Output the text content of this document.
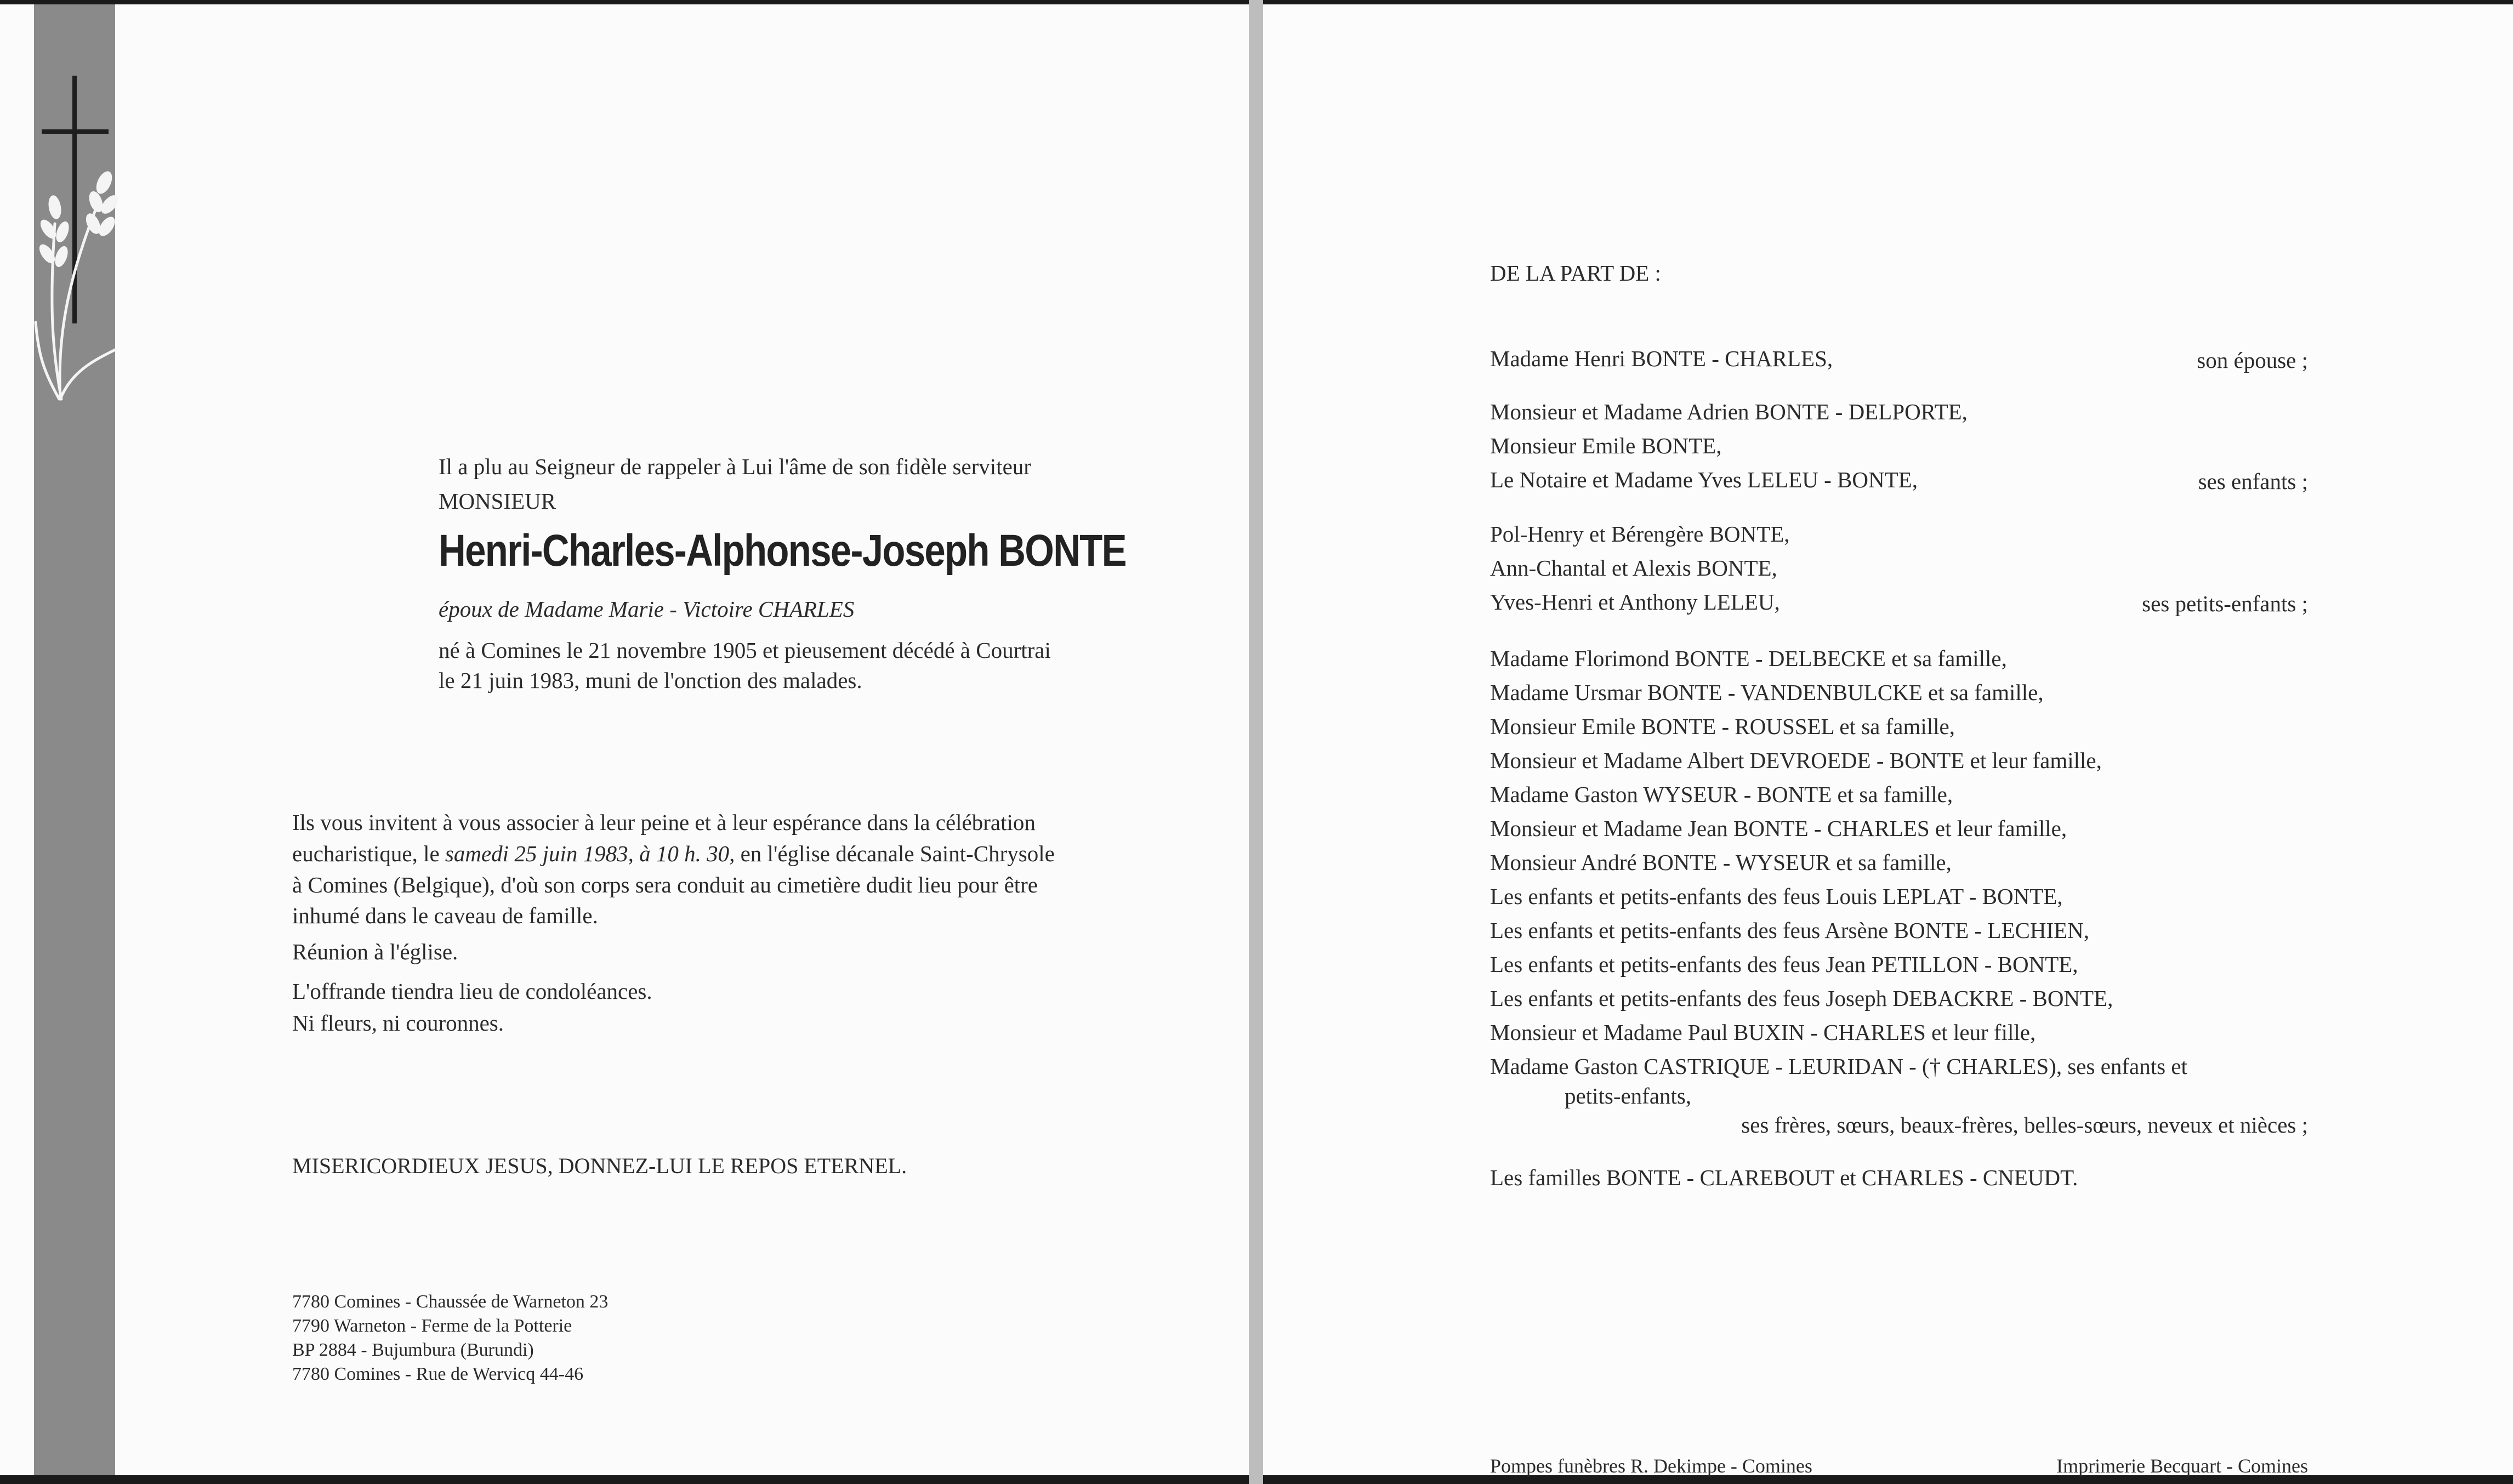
Il a plu au Seigneur de rappeler à Lui l'âme de son fidèle serviteur
MONSIEUR
Henri-Charles-Alphonse-Joseph BONTE
époux de Madame Marie - Victoire CHARLES
né à Comines le 21 novembre 1905 et pieusement décédé à Courtrai
le 21 juin 1983, muni de l'onction des malades.
Ils vous invitent à vous associer à leur peine et à leur espérance dans la célébration
eucharistique, le samedi 25 juin 1983, à 10 h. 30, en l'église décanale Saint-Chrysole
à Comines (Belgique), d'où son corps sera conduit au cimetière dudit lieu pour être
inhumé dans le caveau de famille.
Réunion à l'église.
L'offrande tiendra lieu de condoléances.
Ni fleurs, ni couronnes.
MISERICORDIEUX JESUS, DONNEZ-LUI LE REPOS ETERNEL.
7780 Comines - Chaussée de Warneton 23
7790 Warneton - Ferme de la Potterie
BP 2884 - Bujumbura (Burundi)
7780 Comines - Rue de Wervicq 44-46
DE LA PART DE :
Madame Henri BONTE - CHARLES,	son épouse ;
Monsieur et Madame Adrien BONTE - DELPORTE,
Monsieur Emile BONTE,
Le Notaire et Madame Yves LELEU - BONTE,	ses enfants ;
Pol-Henry et Bérengère BONTE,
Ann-Chantal et Alexis BONTE,
Yves-Henri et Anthony LELEU,	ses petits-enfants ;
Madame Florimond BONTE - DELBECKE et sa famille,
Madame Ursmar BONTE - VANDENBULCKE et sa famille,
Monsieur Emile BONTE - ROUSSEL et sa famille,
Monsieur et Madame Albert DEVROEDE - BONTE et leur famille,
Madame Gaston WYSEUR - BONTE et sa famille,
Monsieur et Madame Jean BONTE - CHARLES et leur famille,
Monsieur André BONTE - WYSEUR et sa famille,
Les enfants et petits-enfants des feus Louis LEPLAT - BONTE,
Les enfants et petits-enfants des feus Arsène BONTE - LECHIEN,
Les enfants et petits-enfants des feus Jean PETILLON - BONTE,
Les enfants et petits-enfants des feus Joseph DEBACKRE - BONTE,
Monsieur et Madame Paul BUXIN - CHARLES et leur fille,
Madame Gaston CASTRIQUE - LEURIDAN - († CHARLES), ses enfants et
petits-enfants,
ses frères, sœurs, beaux-frères, belles-sœurs, neveux et nièces ;
Les familles BONTE - CLAREBOUT et CHARLES - CNEUDT.
Pompes funèbres R. Dekimpe - Comines	Imprimerie Becquart - Comines
